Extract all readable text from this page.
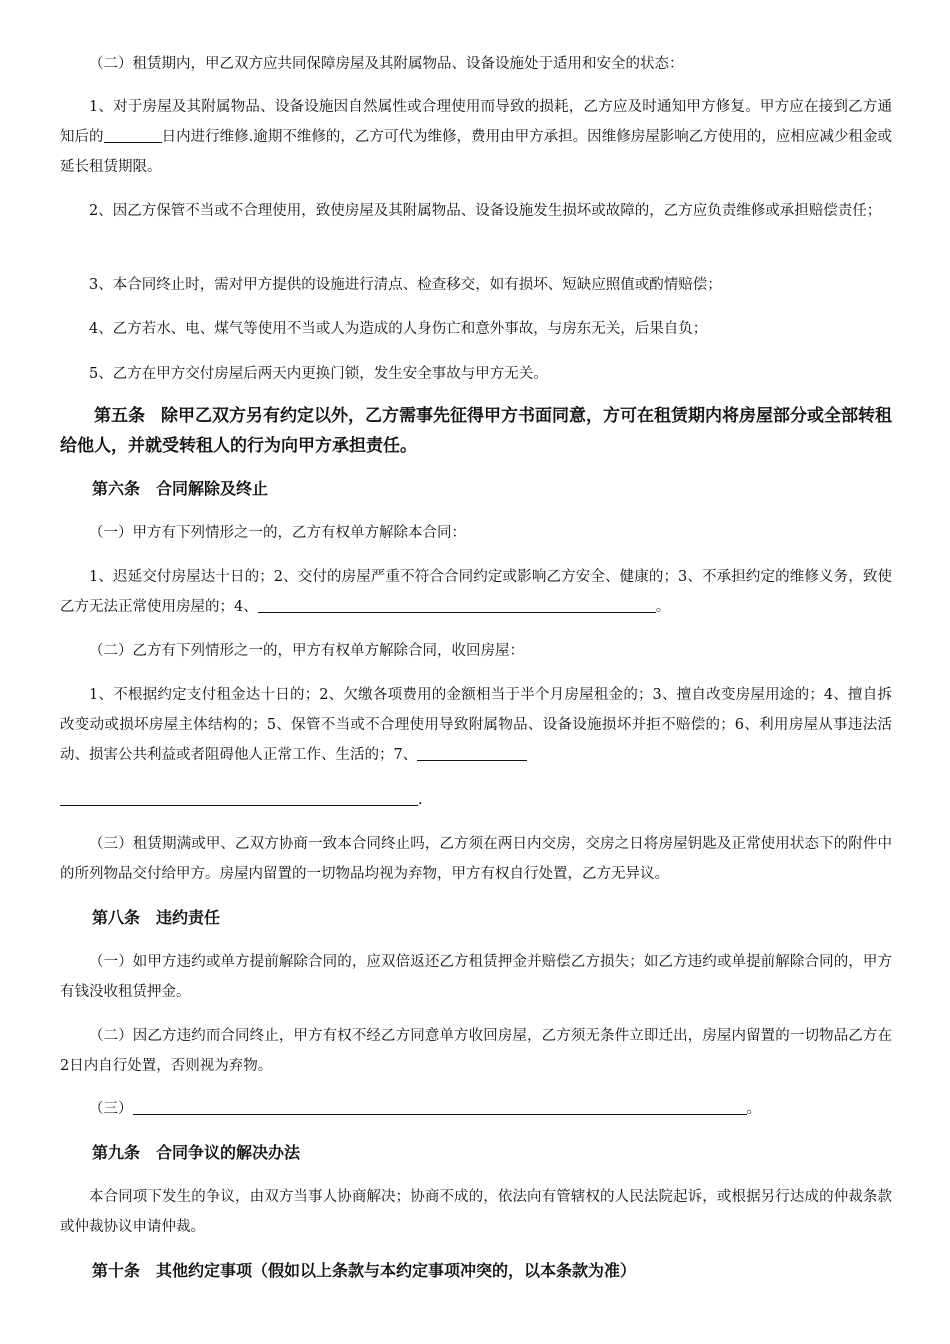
（二）租赁期内，甲乙双方应共同保障房屋及其附属物品、设备设施处于适用和安全的状态：

1、对于房屋及其附属物品、设备设施因自然属性或合理使用而导致的损耗，乙方应及时通知甲方修复。甲方应在接到乙方通知后的	日内进行维修.逾期不维修的，乙方可代为维修，费用由甲方承担。因维修房屋影响乙方使用的，应相应减少租金或延长租赁期限。

2、因乙方保管不当或不合理使用，致使房屋及其附属物品、设备设施发生损坏或故障的，乙方应负责维修或承担赔偿责任；

3、本合同终止时，需对甲方提供的设施进行清点、检查移交，如有损坏、短缺应照值或酌情赔偿；

4、乙方若水、电、煤气等使用不当或人为造成的人身伤亡和意外事故，与房东无关，后果自负；

5、乙方在甲方交付房屋后两天内更换门锁，发生安全事故与甲方无关。

第五条 除甲乙双方另有约定以外，乙方需事先征得甲方书面同意，方可在租赁期内将房屋部分或全部转租给他人，并就受转租人的行为向甲方承担责任。

第六条 合同解除及终止

（一）甲方有下列情形之一的，乙方有权单方解除本合同：

1、迟延交付房屋达十日的；2、交付的房屋严重不符合合同约定或影响乙方安全、健康的；3、不承担约定的维修义务，致使乙方无法正常使用房屋的；4、	。

（二）乙方有下列情形之一的，甲方有权单方解除合同，收回房屋：

1、不根据约定支付租金达十日的；2、欠缴各项费用的金额相当于半个月房屋租金的；3、擅自改变房屋用途的；4、擅自拆改变动或损坏房屋主体结构的；5、保管不当或不合理使用导致附属物品、设备设施损坏并拒不赔偿的；6、利用房屋从事违法活动、损害公共利益或者阻碍他人正常工作、生活的；7、

.

（三）租赁期满或甲、乙双方协商一致本合同终止吗，乙方须在两日内交房，交房之日将房屋钥匙及正常使用状态下的附件中的所列物品交付给甲方。房屋内留置的一切物品均视为弃物，甲方有权自行处置，乙方无异议。

第八条 违约责任

（一）如甲方违约或单方提前解除合同的，应双倍返还乙方租赁押金并赔偿乙方损失；如乙方违约或单提前解除合同的，甲方有钱没收租赁押金。

（二）因乙方违约而合同终止，甲方有权不经乙方同意单方收回房屋，乙方须无条件立即迁出，房屋内留置的一切物品乙方在2日内自行处置，否则视为弃物。

（三）	。

第九条 合同争议的解决办法

本合同项下发生的争议，由双方当事人协商解决；协商不成的，依法向有管辖权的人民法院起诉，或根据另行达成的仲裁条款或仲裁协议申请仲裁。

第十条 其他约定事项（假如以上条款与本约定事项冲突的，以本条款为准）
